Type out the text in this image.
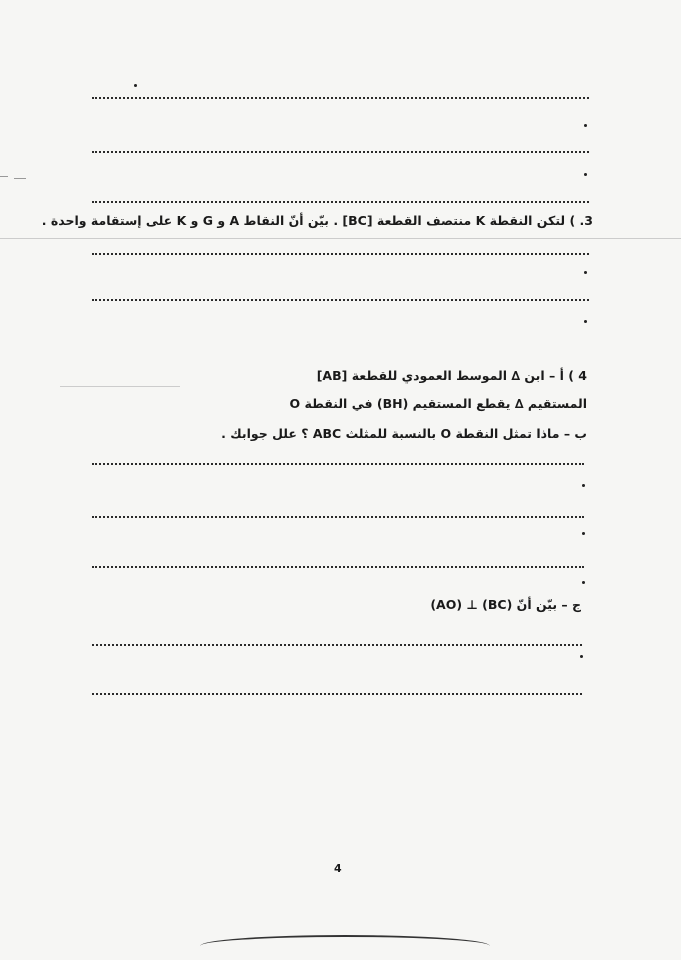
3. ) لتكن النقطة K منتصف القطعة [BC] . بيّن أنّ النقاط A و G و K على إستقامة واحدة .
4 ) أ – ابن ∆ الموسط العمودي للقطعة [AB]
المستقيم ∆ يقطع المستقيم (BH) في النقطة O
ب – ماذا تمثل النقطة O بالنسبة للمثلث ABC ؟ علل جوابك .
ج – بيّن أنّ (BC) ⊥ (AO)
4
